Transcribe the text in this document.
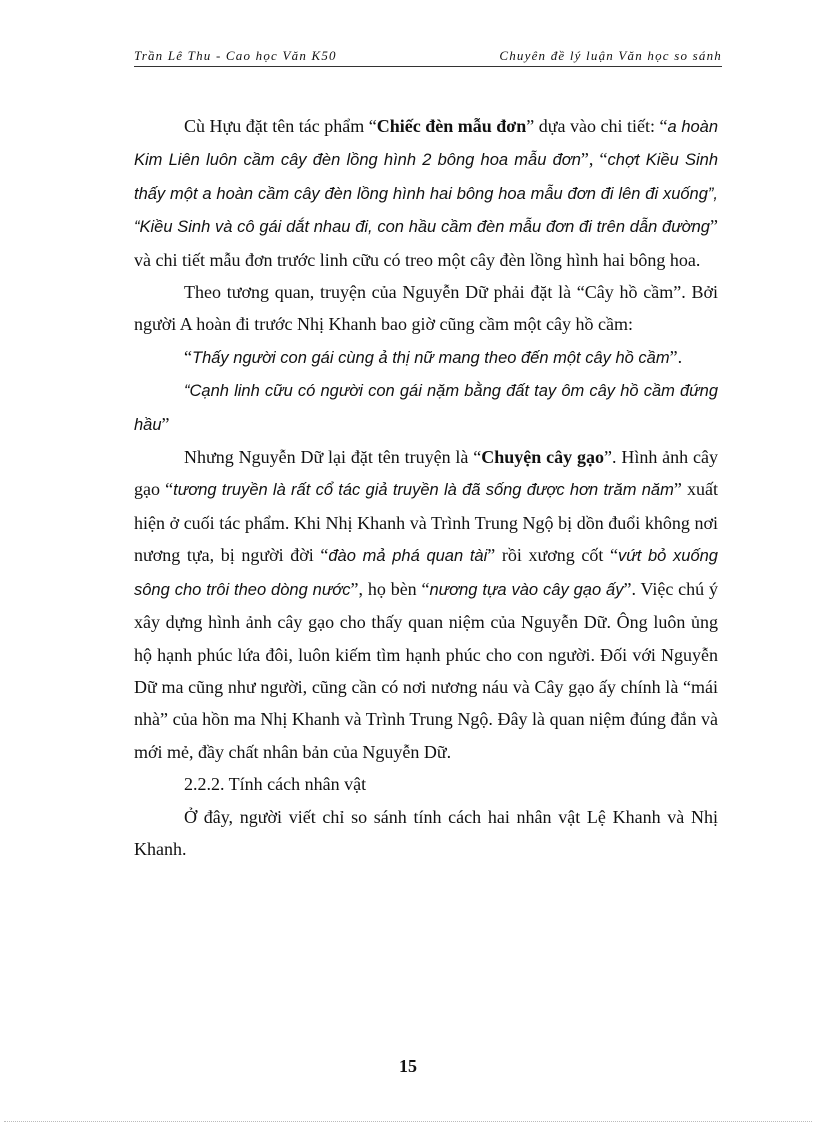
Trần Lê Thu - Cao học Văn K50	Chuyên đề lý luận Văn học so sánh

Cù Hựu đặt tên tác phẩm “Chiếc đèn mẫu đơn” dựa vào chi tiết: “a hoàn Kim Liên luôn cầm cây đèn lồng hình 2 bông hoa mẫu đơn”, “chợt Kiều Sinh thấy một a hoàn cầm cây đèn lồng hình hai bông hoa mẫu đơn đi lên đi xuống”, “Kiều Sinh và cô gái dắt nhau đi, con hầu cầm đèn mẫu đơn đi trên dẫn đường” và chi tiết mẫu đơn trước linh cữu có treo một cây đèn lồng hình hai bông hoa.

Theo tương quan, truyện của Nguyễn Dữ phải đặt là “Cây hồ cầm”. Bởi người A hoàn đi trước Nhị Khanh bao giờ cũng cầm một cây hồ cầm:

“Thấy người con gái cùng ả thị nữ mang theo đến một cây hồ cầm”.

“Cạnh linh cữu có người con gái nặm bằng đất tay ôm cây hồ cầm đứng hầu”

Nhưng Nguyễn Dữ lại đặt tên truyện là “Chuyện cây gạo”. Hình ảnh cây gạo “tương truyền là rất cổ tác giả truyền là đã sống được hơn trăm năm” xuất hiện ở cuối tác phẩm. Khi Nhị Khanh và Trình Trung Ngộ bị dồn đuổi không nơi nương tựa, bị người đời “đào mả phá quan tài” rồi xương cốt “vứt bỏ xuống sông cho trôi theo dòng nước”, họ bèn “nương tựa vào cây gạo ấy”. Việc chú ý xây dựng hình ảnh cây gạo cho thấy quan niệm của Nguyễn Dữ. Ông luôn ủng hộ hạnh phúc lứa đôi, luôn kiếm tìm hạnh phúc cho con người. Đối với Nguyễn Dữ ma cũng như người, cũng cần có nơi nương náu và Cây gạo ấy chính là “mái nhà” của hồn ma Nhị Khanh và Trình Trung Ngộ. Đây là quan niệm đúng đắn và mới mẻ, đầy chất nhân bản của Nguyễn Dữ.

2.2.2. Tính cách nhân vật

Ở đây, người viết chỉ so sánh tính cách hai nhân vật Lệ Khanh và Nhị Khanh.

15
